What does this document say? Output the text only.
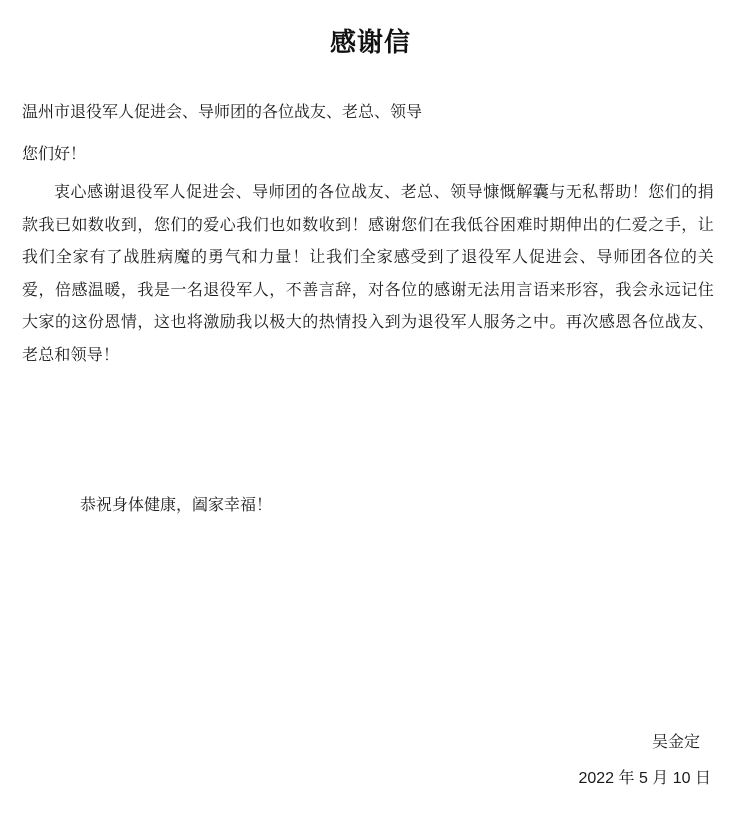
感谢信
温州市退役军人促进会、导师团的各位战友、老总、领导
您们好！
衷心感谢退役军人促进会、导师团的各位战友、老总、领导慷慨解囊与无私帮助！您们的捐款我已如数收到，您们的爱心我们也如数收到！感谢您们在我低谷困难时期伸出的仁爱之手，让我们全家有了战胜病魔的勇气和力量！让我们全家感受到了退役军人促进会、导师团各位的关爱，倍感温暖，我是一名退役军人，不善言辞，对各位的感谢无法用言语来形容，我会永远记住大家的这份恩情，这也将激励我以极大的热情投入到为退役军人服务之中。再次感恩各位战友、老总和领导！
恭祝身体健康，阖家幸福！
吴金定
2022 年 5 月 10 日
